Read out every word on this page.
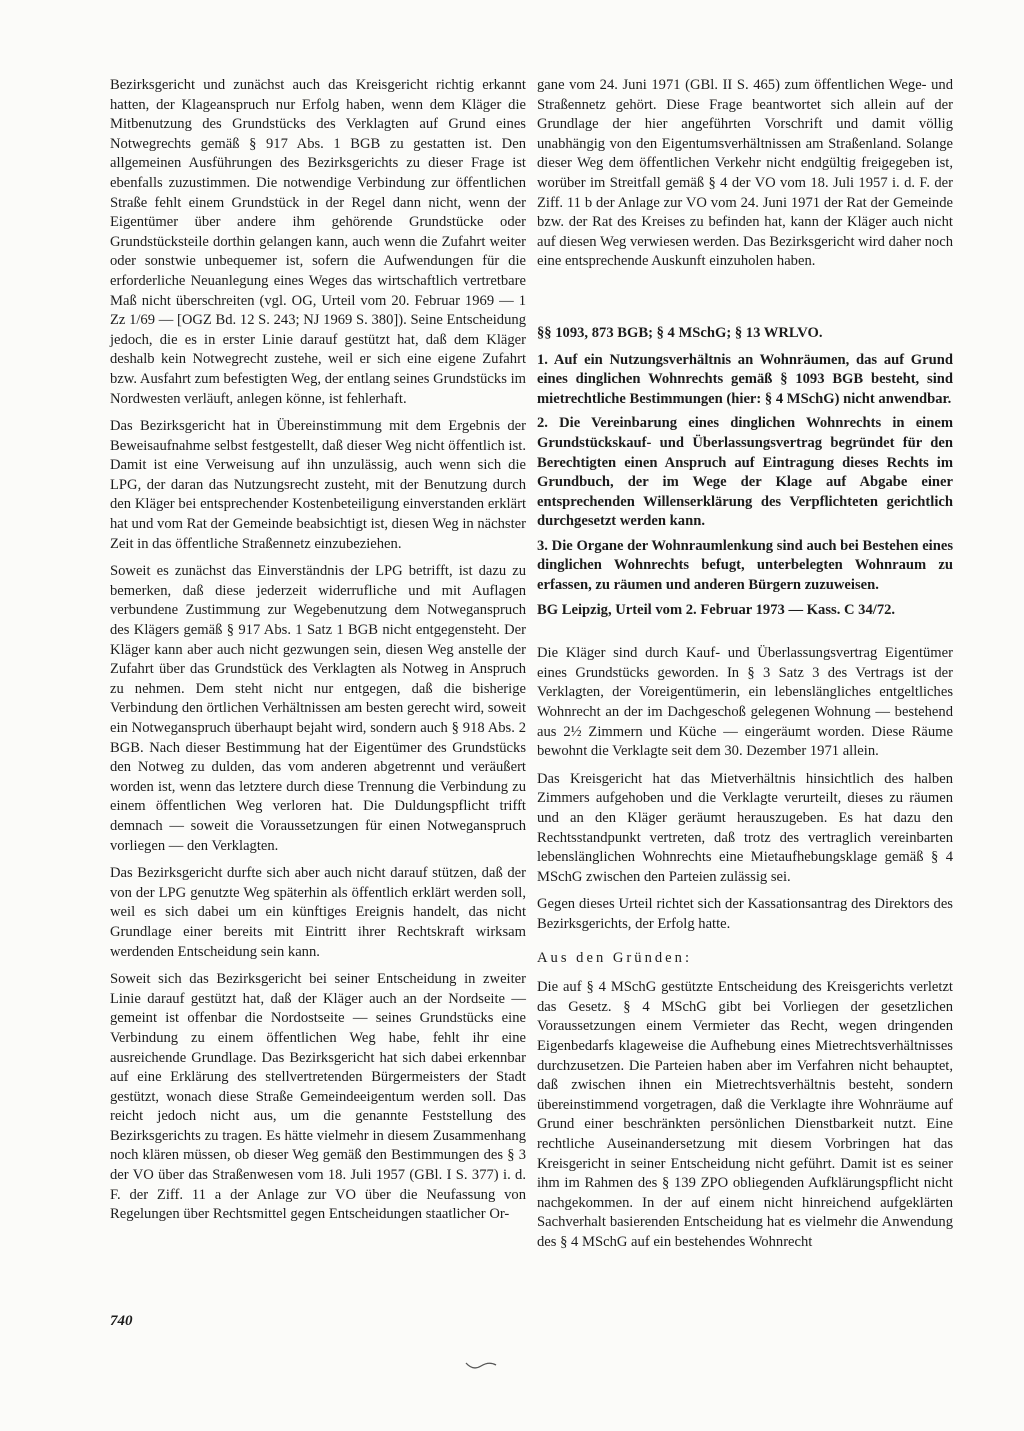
Bezirksgericht und zunächst auch das Kreisgericht richtig erkannt hatten, der Klageanspruch nur Erfolg haben, wenn dem Kläger die Mitbenutzung des Grundstücks des Verklagten auf Grund eines Notwegrechts gemäß § 917 Abs. 1 BGB zu gestatten ist. Den allgemeinen Ausführungen des Bezirksgerichts zu dieser Frage ist ebenfalls zuzustimmen. Die notwendige Verbindung zur öffentlichen Straße fehlt einem Grundstück in der Regel dann nicht, wenn der Eigentümer über andere ihm gehörende Grundstücke oder Grundstücksteile dorthin gelangen kann, auch wenn die Zufahrt weiter oder sonstwie unbequemer ist, sofern die Aufwendungen für die erforderliche Neuanlegung eines Weges das wirtschaftlich vertretbare Maß nicht überschreiten (vgl. OG, Urteil vom 20. Februar 1969 — 1 Zz 1/69 — [OGZ Bd. 12 S. 243; NJ 1969 S. 380]). Seine Entscheidung jedoch, die es in erster Linie darauf gestützt hat, daß dem Kläger deshalb kein Notwegrecht zustehe, weil er sich eine eigene Zufahrt bzw. Ausfahrt zum befestigten Weg, der entlang seines Grundstücks im Nordwesten verläuft, anlegen könne, ist fehlerhaft.

Das Bezirksgericht hat in Übereinstimmung mit dem Ergebnis der Beweisaufnahme selbst festgestellt, daß dieser Weg nicht öffentlich ist. Damit ist eine Verweisung auf ihn unzulässig, auch wenn sich die LPG, der daran das Nutzungsrecht zusteht, mit der Benutzung durch den Kläger bei entsprechender Kostenbeteiligung einverstanden erklärt hat und vom Rat der Gemeinde beabsichtigt ist, diesen Weg in nächster Zeit in das öffentliche Straßennetz einzubeziehen.

Soweit es zunächst das Einverständnis der LPG betrifft, ist dazu zu bemerken, daß diese jederzeit widerrufliche und mit Auflagen verbundene Zustimmung zur Wegebenutzung dem Notweganspruch des Klägers gemäß § 917 Abs. 1 Satz 1 BGB nicht entgegensteht. Der Kläger kann aber auch nicht gezwungen sein, diesen Weg anstelle der Zufahrt über das Grundstück des Verklagten als Notweg in Anspruch zu nehmen. Dem steht nicht nur entgegen, daß die bisherige Verbindung den örtlichen Verhältnissen am besten gerecht wird, soweit ein Notweganspruch überhaupt bejaht wird, sondern auch § 918 Abs. 2 BGB. Nach dieser Bestimmung hat der Eigentümer des Grundstücks den Notweg zu dulden, das vom anderen abgetrennt und veräußert worden ist, wenn das letztere durch diese Trennung die Verbindung zu einem öffentlichen Weg verloren hat. Die Duldungspflicht trifft demnach — soweit die Voraussetzungen für einen Notweganspruch vorliegen — den Verklagten.

Das Bezirksgericht durfte sich aber auch nicht darauf stützen, daß der von der LPG genutzte Weg späterhin als öffentlich erklärt werden soll, weil es sich dabei um ein künftiges Ereignis handelt, das nicht Grundlage einer bereits mit Eintritt ihrer Rechtskraft wirksam werdenden Entscheidung sein kann.

Soweit sich das Bezirksgericht bei seiner Entscheidung in zweiter Linie darauf gestützt hat, daß der Kläger auch an der Nordseite — gemeint ist offenbar die Nordostseite — seines Grundstücks eine Verbindung zu einem öffentlichen Weg habe, fehlt ihr eine ausreichende Grundlage. Das Bezirksgericht hat sich dabei erkennbar auf eine Erklärung des stellvertretenden Bürgermeisters der Stadt gestützt, wonach diese Straße Gemeindeeigentum werden soll. Das reicht jedoch nicht aus, um die genannte Feststellung des Bezirksgerichts zu tragen. Es hätte vielmehr in diesem Zusammenhang noch klären müssen, ob dieser Weg gemäß den Bestimmungen des § 3 der VO über das Straßenwesen vom 18. Juli 1957 (GBl. I S. 377) i. d. F. der Ziff. 11 a der Anlage zur VO über die Neufassung von Regelungen über Rechtsmittel gegen Entscheidungen staatlicher Or-

gane vom 24. Juni 1971 (GBl. II S. 465) zum öffentlichen Wege- und Straßennetz gehört. Diese Frage beantwortet sich allein auf der Grundlage der hier angeführten Vorschrift und damit völlig unabhängig von den Eigentumsverhältnissen am Straßenland. Solange dieser Weg dem öffentlichen Verkehr nicht endgültig freigegeben ist, worüber im Streitfall gemäß § 4 der VO vom 18. Juli 1957 i. d. F. der Ziff. 11 b der Anlage zur VO vom 24. Juni 1971 der Rat der Gemeinde bzw. der Rat des Kreises zu befinden hat, kann der Kläger auch nicht auf diesen Weg verwiesen werden. Das Bezirksgericht wird daher noch eine entsprechende Auskunft einzuholen haben.

§§ 1093, 873 BGB; § 4 MSchG; § 13 WRLVO.

1. Auf ein Nutzungsverhältnis an Wohnräumen, das auf Grund eines dinglichen Wohnrechts gemäß § 1093 BGB besteht, sind mietrechtliche Bestimmungen (hier: § 4 MSchG) nicht anwendbar.

2. Die Vereinbarung eines dinglichen Wohnrechts in einem Grundstückskauf- und Überlassungsvertrag begründet für den Berechtigten einen Anspruch auf Eintragung dieses Rechts im Grundbuch, der im Wege der Klage auf Abgabe einer entsprechenden Willenserklärung des Verpflichteten gerichtlich durchgesetzt werden kann.

3. Die Organe der Wohnraumlenkung sind auch bei Bestehen eines dinglichen Wohnrechts befugt, unterbelegten Wohnraum zu erfassen, zu räumen und anderen Bürgern zuzuweisen.

BG Leipzig, Urteil vom 2. Februar 1973 — Kass. C 34/72.

Die Kläger sind durch Kauf- und Überlassungsvertrag Eigentümer eines Grundstücks geworden. In § 3 Satz 3 des Vertrags ist der Verklagten, der Voreigentümerin, ein lebenslängliches entgeltliches Wohnrecht an der im Dachgeschoß gelegenen Wohnung — bestehend aus 2½ Zimmern und Küche — eingeräumt worden. Diese Räume bewohnt die Verklagte seit dem 30. Dezember 1971 allein.

Das Kreisgericht hat das Mietverhältnis hinsichtlich des halben Zimmers aufgehoben und die Verklagte verurteilt, dieses zu räumen und an den Kläger geräumt herauszugeben. Es hat dazu den Rechtsstandpunkt vertreten, daß trotz des vertraglich vereinbarten lebenslänglichen Wohnrechts eine Mietaufhebungsklage gemäß § 4 MSchG zwischen den Parteien zulässig sei.

Gegen dieses Urteil richtet sich der Kassationsantrag des Direktors des Bezirksgerichts, der Erfolg hatte.

Aus den Gründen:

Die auf § 4 MSchG gestützte Entscheidung des Kreisgerichts verletzt das Gesetz. § 4 MSchG gibt bei Vorliegen der gesetzlichen Voraussetzungen einem Vermieter das Recht, wegen dringenden Eigenbedarfs klageweise die Aufhebung eines Mietrechtsverhältnisses durchzusetzen. Die Parteien haben aber im Verfahren nicht behauptet, daß zwischen ihnen ein Mietrechtsverhältnis besteht, sondern übereinstimmend vorgetragen, daß die Verklagte ihre Wohnräume auf Grund einer beschränkten persönlichen Dienstbarkeit nutzt. Eine rechtliche Auseinandersetzung mit diesem Vorbringen hat das Kreisgericht in seiner Entscheidung nicht geführt. Damit ist es seiner ihm im Rahmen des § 139 ZPO obliegenden Aufklärungspflicht nicht nachgekommen. In der auf einem nicht hinreichend aufgeklärten Sachverhalt basierenden Entscheidung hat es vielmehr die Anwendung des § 4 MSchG auf ein bestehendes Wohnrecht

740
